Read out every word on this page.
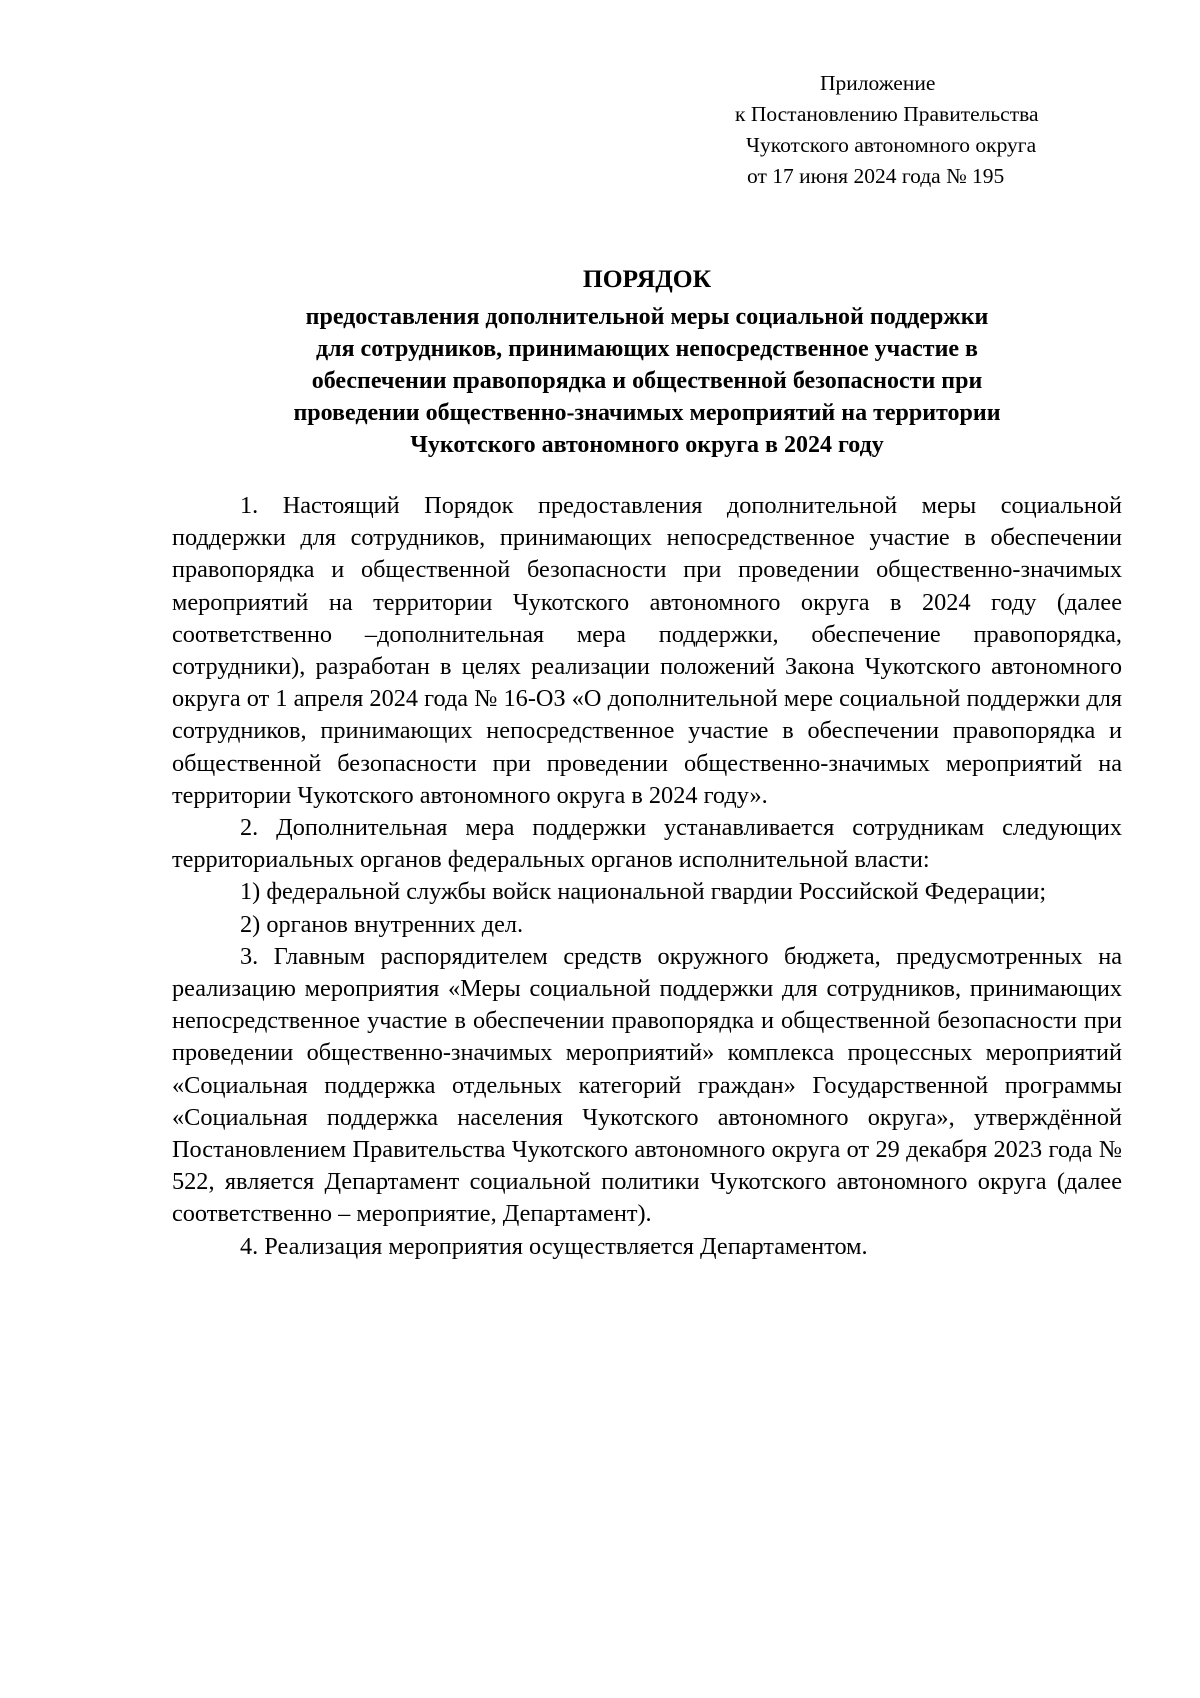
Приложение
к Постановлению Правительства
Чукотского автономного округа
от 17 июня 2024 года № 195
ПОРЯДОК
предоставления дополнительной меры социальной поддержки
для сотрудников, принимающих непосредственное участие в
обеспечении правопорядка и общественной безопасности при
проведении общественно-значимых мероприятий на территории
Чукотского автономного округа в 2024 году

1. Настоящий Порядок предоставления дополнительной меры социальной поддержки для сотрудников, принимающих непосредственное участие в обеспечении правопорядка и общественной безопасности при проведении общественно-значимых мероприятий на территории Чукотского автономного округа в 2024 году (далее соответственно –дополнительная мера поддержки, обеспечение правопорядка, сотрудники), разработан в целях реализации положений Закона Чукотского автономного округа от 1 апреля 2024 года № 16-ОЗ «О дополнительной мере социальной поддержки для сотрудников, принимающих непосредственное участие в обеспечении правопорядка и общественной безопасности при проведении общественно-значимых мероприятий на территории Чукотского автономного округа в 2024 году».

2. Дополнительная мера поддержки устанавливается сотрудникам следующих территориальных органов федеральных органов исполнительной власти:

1) федеральной службы войск национальной гвардии Российской Федерации;

2) органов внутренних дел.

3. Главным распорядителем средств окружного бюджета, предусмотренных на реализацию мероприятия «Меры социальной поддержки для сотрудников, принимающих непосредственное участие в обеспечении правопорядка и общественной безопасности при проведении общественно-значимых мероприятий» комплекса процессных мероприятий «Социальная поддержка отдельных категорий граждан» Государственной программы «Социальная поддержка населения Чукотского автономного округа», утверждённой Постановлением Правительства Чукотского автономного округа от 29 декабря 2023 года № 522, является Департамент социальной политики Чукотского автономного округа (далее соответственно – мероприятие, Департамент).

4. Реализация мероприятия осуществляется Департаментом.
